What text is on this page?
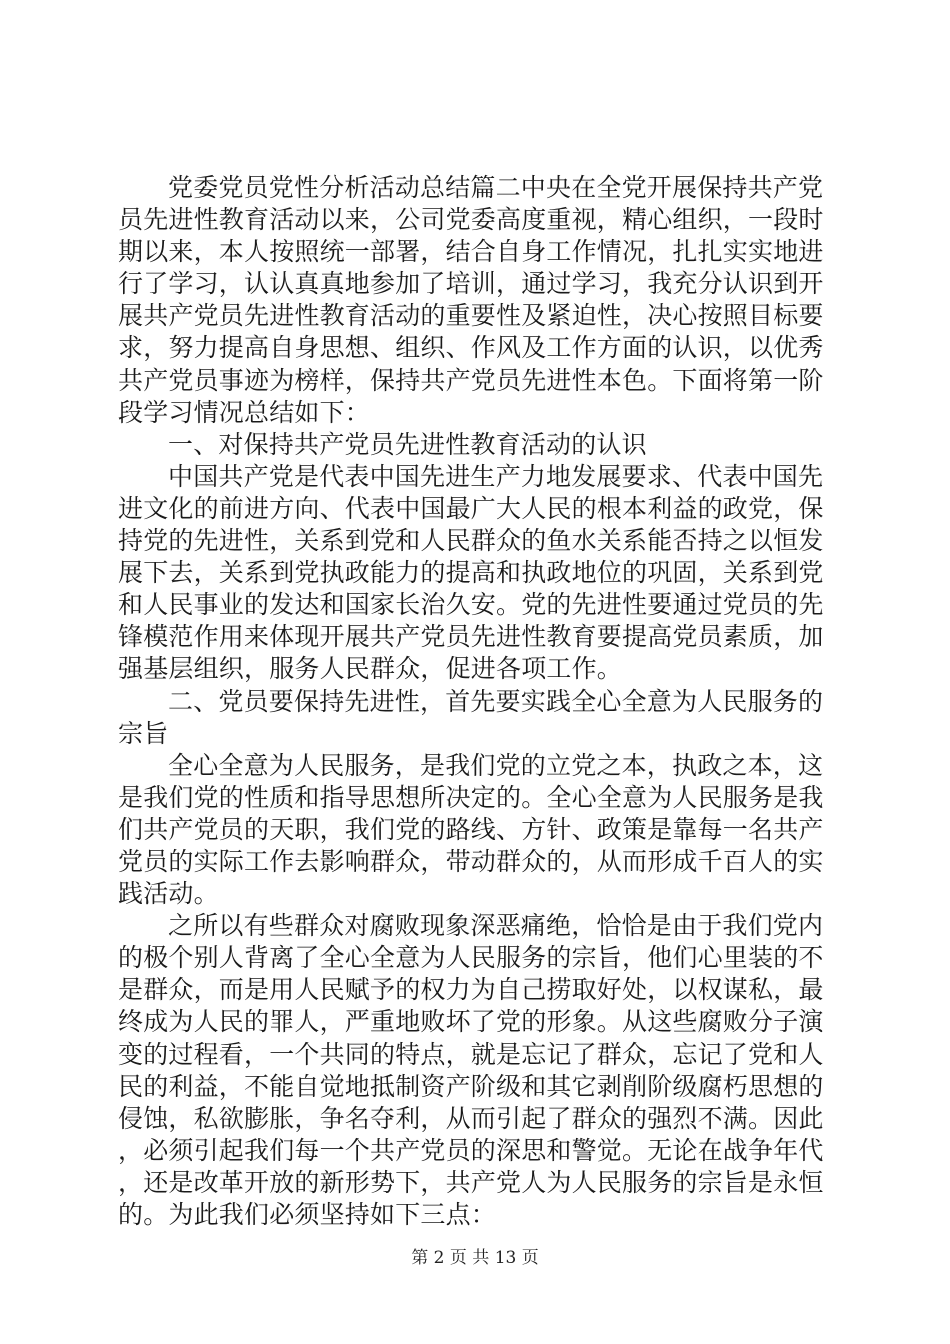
党委党员党性分析活动总结篇二中央在全党开展保持共产党员先进性教育活动以来，公司党委高度重视，精心组织，一段时期以来，本人按照统一部署，结合自身工作情况，扎扎实实地进行了学习，认认真真地参加了培训，通过学习，我充分认识到开展共产党员先进性教育活动的重要性及紧迫性，决心按照目标要求，努力提高自身思想、组织、作风及工作方面的认识，以优秀共产党员事迹为榜样，保持共产党员先进性本色。下面将第一阶段学习情况总结如下：

一、对保持共产党员先进性教育活动的认识

中国共产党是代表中国先进生产力地发展要求、代表中国先进文化的前进方向、代表中国最广大人民的根本利益的政党，保持党的先进性，关系到党和人民群众的鱼水关系能否持之以恒发展下去，关系到党执政能力的提高和执政地位的巩固，关系到党和人民事业的发达和国家长治久安。党的先进性要通过党员的先锋模范作用来体现开展共产党员先进性教育要提高党员素质，加强基层组织，服务人民群众，促进各项工作。

二、党员要保持先进性，首先要实践全心全意为人民服务的宗旨

全心全意为人民服务，是我们党的立党之本，执政之本，这是我们党的性质和指导思想所决定的。全心全意为人民服务是我们共产党员的天职，我们党的路线、方针、政策是靠每一名共产党员的实际工作去影响群众，带动群众的，从而形成千百人的实践活动。

之所以有些群众对腐败现象深恶痛绝，恰恰是由于我们党内的极个别人背离了全心全意为人民服务的宗旨，他们心里装的不是群众，而是用人民赋予的权力为自己捞取好处，以权谋私，最终成为人民的罪人，严重地败坏了党的形象。从这些腐败分子演变的过程看，一个共同的特点，就是忘记了群众，忘记了党和人民的利益，不能自觉地抵制资产阶级和其它剥削阶级腐朽思想的侵蚀，私欲膨胀，争名夺利，从而引起了群众的强烈不满。因此，必须引起我们每一个共产党员的深思和警觉。无论在战争年代，还是改革开放的新形势下，共产党人为人民服务的宗旨是永恒的。为此我们必须坚持如下三点：

第 2 页 共 13 页
